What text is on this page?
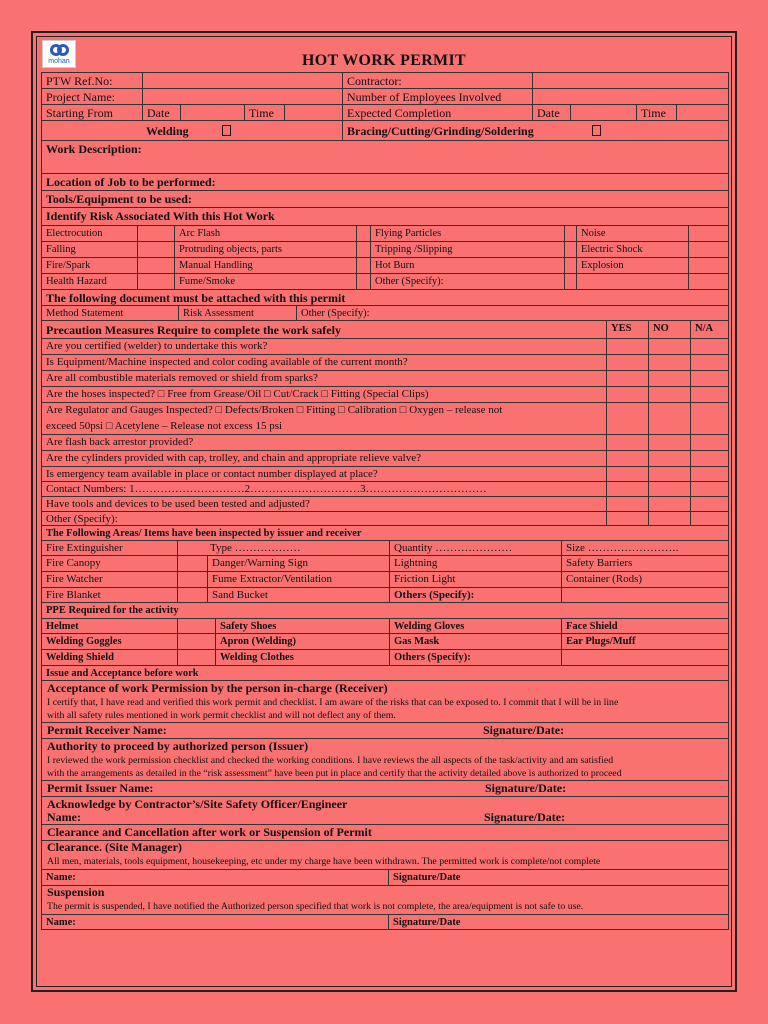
mohan	HOT WORK PERMIT
PTW Ref.No:	Contractor:
Project Name:	Number of Employees Involved
Starting From	Date	Time	Expected Completion	Date	Time
Welding	Bracing/Cutting/Grinding/Soldering
Work Description:
Location of Job to be performed:
Tools/Equipment to be used:
Identify Risk Associated With this Hot Work
Electrocution	Arc Flash	Flying Particles	Noise
Falling	Protruding objects, parts	Tripping /Slipping	Electric Shock
Fire/Spark	Manual Handling	Hot Burn	Explosion
Health Hazard	Fume/Smoke	Other (Specify):
The following document must be attached with this permit
Method Statement	Risk Assessment	Other (Specify):
Precaution Measures Require to complete the work safely	YES	NO	N/A
Are you certified (welder) to undertake this work?
Is Equipment/Machine inspected and color coding available of the current month?
Are all combustible materials removed or shield from sparks?
Are the hoses inspected? □ Free from Grease/Oil □ Cut/Crack □ Fitting (Special Clips)
Are Regulator and Gauges Inspected? □ Defects/Broken □ Fitting □ Calibration □ Oxygen – release not
exceed 50psi □ Acetylene – Release not excess 15 psi
Are flash back arrestor provided?
Are the cylinders provided with cap, trolley, and chain and appropriate relieve valve?
Is emergency team available in place or contact number displayed at place?
Contact Numbers: 1…………………………2…………………………3……………………………
Have tools and devices to be used been tested and adjusted?
Other (Specify):
The Following Areas/ Items have been inspected by issuer and receiver
Fire Extinguisher	Type ………………	Quantity …………………	Size …………………….
Fire Canopy	Danger/Warning Sign	Lightning	Safety Barriers
Fire Watcher	Fume Extractor/Ventilation	Friction Light	Container (Rods)
Fire Blanket	Sand Bucket	Others (Specify):
PPE Required for the activity
Helmet	Safety Shoes	Welding Gloves	Face Shield
Welding Goggles	Apron (Welding)	Gas Mask	Ear Plugs/Muff
Welding Shield	Welding Clothes	Others (Specify):
Issue and Acceptance before work
Acceptance of work Permission by the person in-charge (Receiver)
I certify that, I have read and verified this work permit and checklist. I am aware of the risks that can be exposed to. I commit that I will be in line
with all safety rules mentioned in work permit checklist and will not deflect any of them.
Permit Receiver Name:	Signature/Date:
Authority to proceed by authorized person (Issuer)
I reviewed the work permission checklist and checked the working conditions. I have reviews the all aspects of the task/activity and am satisfied
with the arrangements as detailed in the “risk assessment” have been put in place and certify that the activity detailed above is authorized to proceed
Permit Issuer Name:	Signature/Date:
Acknowledge by Contractor’s/Site Safety Officer/Engineer
Name:	Signature/Date:
Clearance and Cancellation after work or Suspension of Permit
Clearance. (Site Manager)
All men, materials, tools equipment, housekeeping, etc under my charge have been withdrawn. The permitted work is complete/not complete
Name:	Signature/Date
Suspension
The permit is suspended, I have notified the Authorized person specified that work is not complete, the area/equipment is not safe to use.
Name:	Signature/Date
